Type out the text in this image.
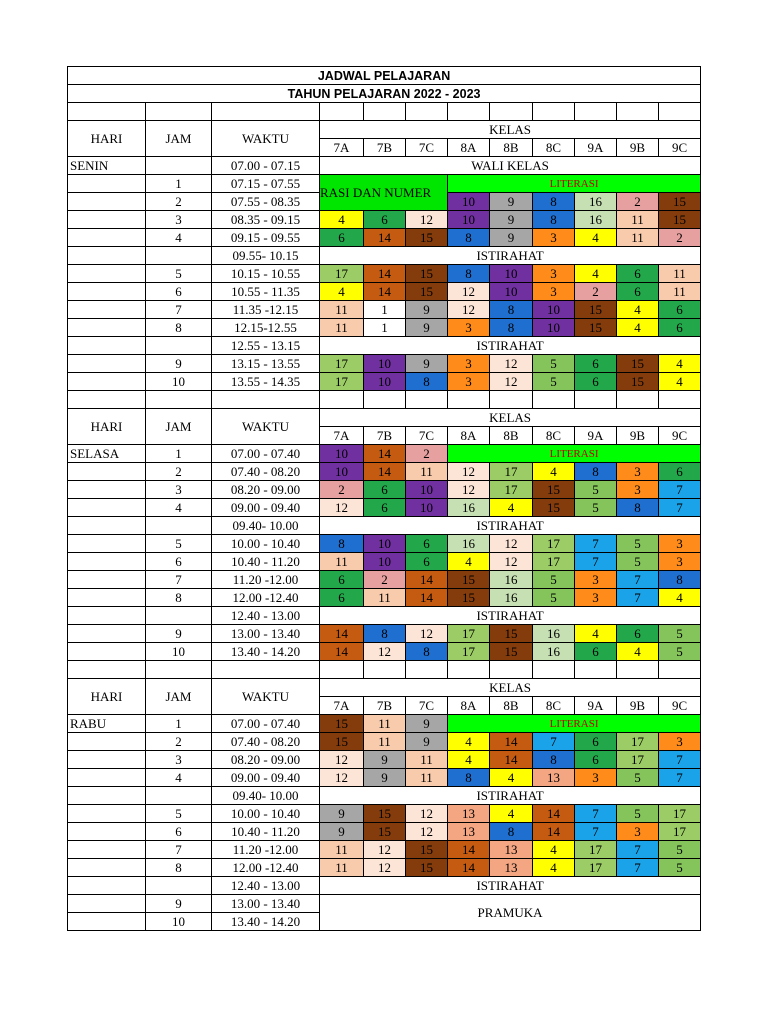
JADWAL PELAJARAN											
TAHUN PELAJARAN 2022 - 2023											

HARI	JAM	WAKTU	KELAS								
			7A	7B	7C	8A	8B	8C	9A	9B	9C
SENIN		07.00 - 07.15	WALI KELAS								
	1	07.15 - 07.55	RASI DAN NUMER			LITERASI					
	2	07.55 - 08.35				10	9	8	16	2	15
	3	08.35 - 09.15	4	6	12	10	9	8	16	11	15
	4	09.15 - 09.55	6	14	15	8	9	3	4	11	2
		09.55- 10.15	ISTIRAHAT								
	5	10.15 - 10.55	17	14	15	8	10	3	4	6	11
	6	10.55 - 11.35	4	14	15	12	10	3	2	6	11
	7	11.35 -12.15	11	1	9	12	8	10	15	4	6
	8	12.15-12.55	11	1	9	3	8	10	15	4	6
		12.55 - 13.15	ISTIRAHAT								
	9	13.15 - 13.55	17	10	9	3	12	5	6	15	4
	10	13.55 - 14.35	17	10	8	3	12	5	6	15	4

HARI	JAM	WAKTU	KELAS								
			7A	7B	7C	8A	8B	8C	9A	9B	9C
SELASA	1	07.00 - 07.40	10	14	2	LITERASI					
	2	07.40 - 08.20	10	14	11	12	17	4	8	3	6
	3	08.20 - 09.00	2	6	10	12	17	15	5	3	7
	4	09.00 - 09.40	12	6	10	16	4	15	5	8	7
		09.40- 10.00	ISTIRAHAT								
	5	10.00 - 10.40	8	10	6	16	12	17	7	5	3
	6	10.40 - 11.20	11	10	6	4	12	17	7	5	3
	7	11.20 -12.00	6	2	14	15	16	5	3	7	8
	8	12.00 -12.40	6	11	14	15	16	5	3	7	4
		12.40 - 13.00	ISTIRAHAT								
	9	13.00 - 13.40	14	8	12	17	15	16	4	6	5
	10	13.40 - 14.20	14	12	8	17	15	16	6	4	5

HARI	JAM	WAKTU	KELAS								
			7A	7B	7C	8A	8B	8C	9A	9B	9C
RABU	1	07.00 - 07.40	15	11	9	LITERASI					
	2	07.40 - 08.20	15	11	9	4	14	7	6	17	3
	3	08.20 - 09.00	12	9	11	4	14	8	6	17	7
	4	09.00 - 09.40	12	9	11	8	4	13	3	5	7
		09.40- 10.00	ISTIRAHAT								
	5	10.00 - 10.40	9	15	12	13	4	14	7	5	17
	6	10.40 - 11.20	9	15	12	13	8	14	7	3	17
	7	11.20 -12.00	11	12	15	14	13	4	17	7	5
	8	12.00 -12.40	11	12	15	14	13	4	17	7	5
		12.40 - 13.00	ISTIRAHAT								
	9	13.00 - 13.40	PRAMUKA								
	10	13.40 - 14.20									
